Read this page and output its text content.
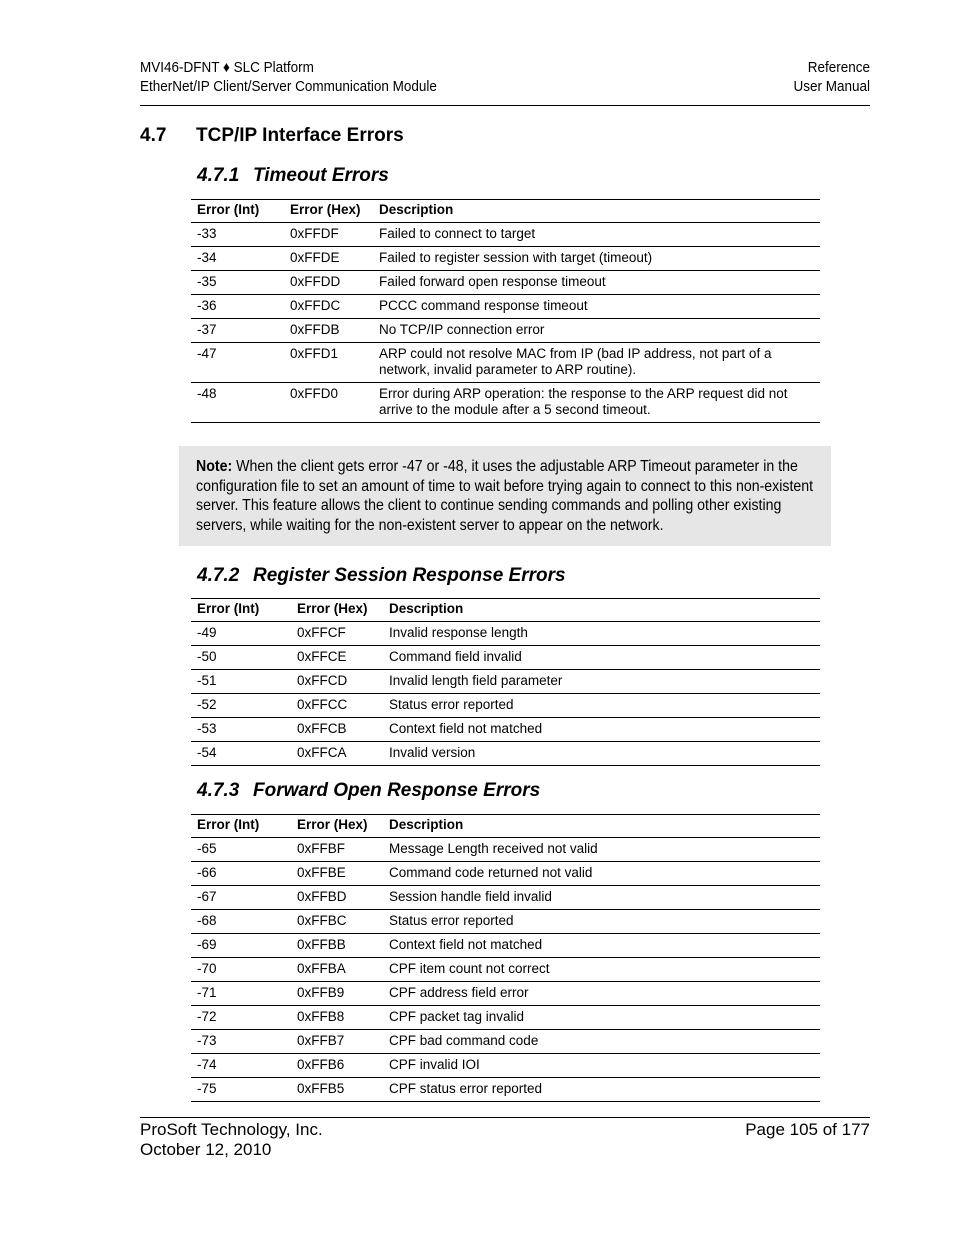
MVI46-DFNT ♦ SLC Platform
EtherNet/IP Client/Server Communication Module
Reference
User Manual
4.7 TCP/IP Interface Errors
4.7.1 Timeout Errors
Error (Int)	Error (Hex)	Description
-33	0xFFDF	Failed to connect to target
-34	0xFFDE	Failed to register session with target (timeout)
-35	0xFFDD	Failed forward open response timeout
-36	0xFFDC	PCCC command response timeout
-37	0xFFDB	No TCP/IP connection error
-47	0xFFD1	ARP could not resolve MAC from IP (bad IP address, not part of a network, invalid parameter to ARP routine).
-48	0xFFD0	Error during ARP operation: the response to the ARP request did not arrive to the module after a 5 second timeout.

Note: When the client gets error -47 or -48, it uses the adjustable ARP Timeout parameter in the configuration file to set an amount of time to wait before trying again to connect to this non-existent server. This feature allows the client to continue sending commands and polling other existing servers, while waiting for the non-existent server to appear on the network.

4.7.2 Register Session Response Errors
Error (Int)	Error (Hex)	Description
-49	0xFFCF	Invalid response length
-50	0xFFCE	Command field invalid
-51	0xFFCD	Invalid length field parameter
-52	0xFFCC	Status error reported
-53	0xFFCB	Context field not matched
-54	0xFFCA	Invalid version
4.7.3 Forward Open Response Errors
Error (Int)	Error (Hex)	Description
-65	0xFFBF	Message Length received not valid
-66	0xFFBE	Command code returned not valid
-67	0xFFBD	Session handle field invalid
-68	0xFFBC	Status error reported
-69	0xFFBB	Context field not matched
-70	0xFFBA	CPF item count not correct
-71	0xFFB9	CPF address field error
-72	0xFFB8	CPF packet tag invalid
-73	0xFFB7	CPF bad command code
-74	0xFFB6	CPF invalid IOI
-75	0xFFB5	CPF status error reported
ProSoft Technology, Inc.
October 12, 2010
Page 105 of 177
